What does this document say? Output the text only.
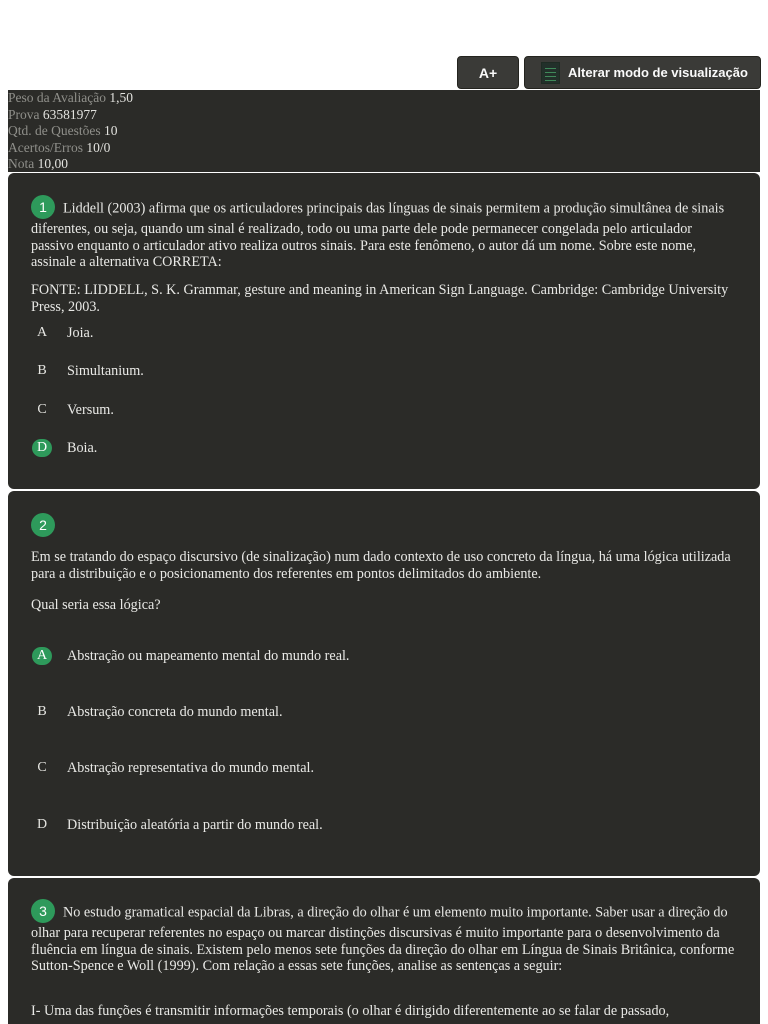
A+	Alterar modo de visualização
Peso da Avaliação 1,50
Prova 63581977
Qtd. de Questões 10
Acertos/Erros 10/0
Nota 10,00

1 Liddell (2003) afirma que os articuladores principais das línguas de sinais permitem a produção simultânea de sinais diferentes, ou seja, quando um sinal é realizado, todo ou uma parte dele pode permanecer congelada pelo articulador passivo enquanto o articulador ativo realiza outros sinais. Para este fenômeno, o autor dá um nome. Sobre este nome, assinale a alternativa CORRETA:

FONTE: LIDDELL, S. K. Grammar, gesture and meaning in American Sign Language. Cambridge: Cambridge University Press, 2003.

A	Joia.
B	Simultanium.
C	Versum.
D	Boia.
2

Em se tratando do espaço discursivo (de sinalização) num dado contexto de uso concreto da língua, há uma lógica utilizada para a distribuição e o posicionamento dos referentes em pontos delimitados do ambiente.

Qual seria essa lógica?

A	Abstração ou mapeamento mental do mundo real.
B	Abstração concreta do mundo mental.
C	Abstração representativa do mundo mental.
D	Distribuição aleatória a partir do mundo real.

3 No estudo gramatical espacial da Libras, a direção do olhar é um elemento muito importante. Saber usar a direção do olhar para recuperar referentes no espaço ou marcar distinções discursivas é muito importante para o desenvolvimento da fluência em língua de sinais. Existem pelo menos sete funções da direção do olhar em Língua de Sinais Britânica, conforme Sutton-Spence e Woll (1999). Com relação a essas sete funções, analise as sentenças a seguir:

I- Uma das funções é transmitir informações temporais (o olhar é dirigido diferentemente ao se falar de passado,
